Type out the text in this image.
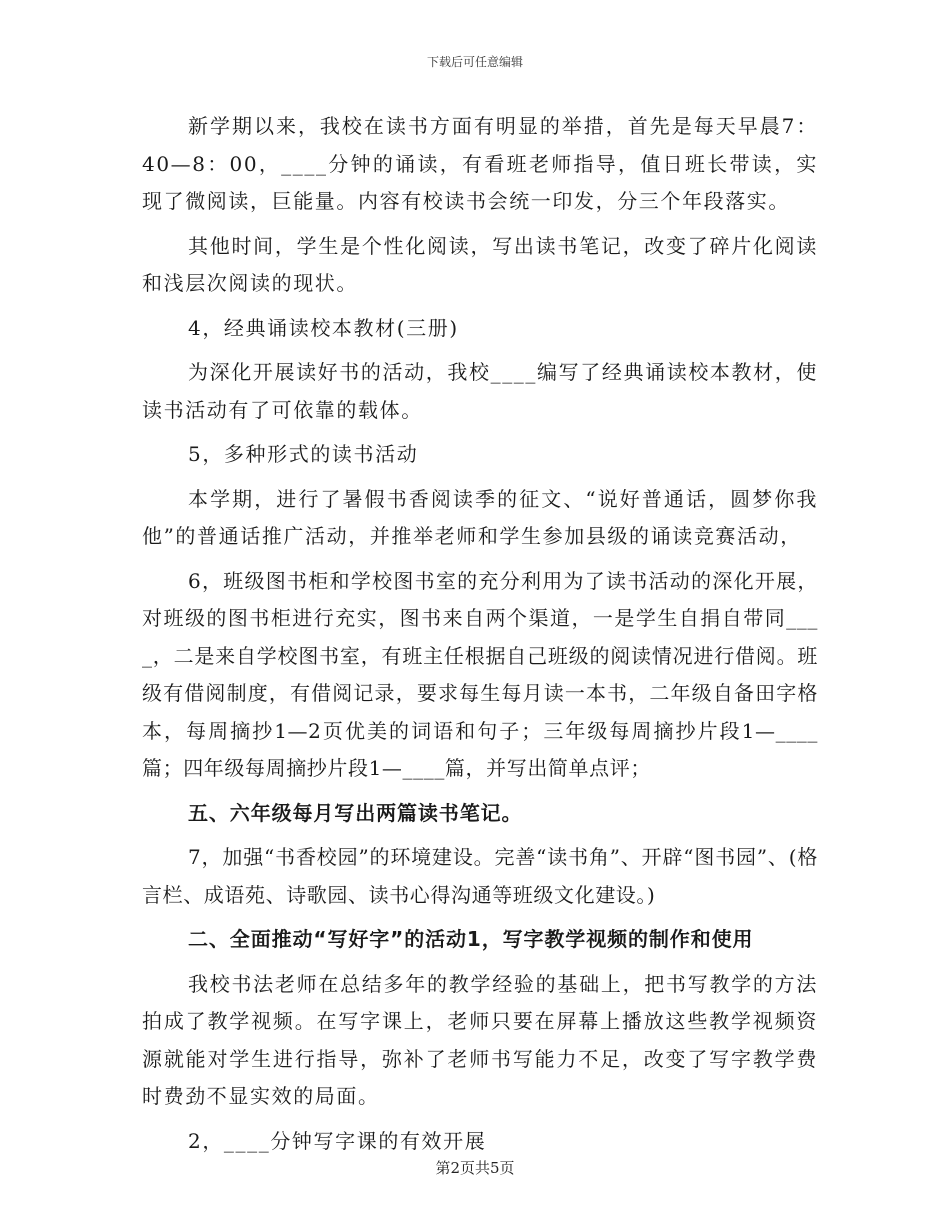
下载后可任意编辑

新学期以来，我校在读书方面有明显的举措，首先是每天早晨7：40—8：00，____分钟的诵读，有看班老师指导，值日班长带读，实现了微阅读，巨能量。内容有校读书会统一印发，分三个年段落实。

其他时间，学生是个性化阅读，写出读书笔记，改变了碎片化阅读和浅层次阅读的现状。

4，经典诵读校本教材(三册)

为深化开展读好书的活动，我校____编写了经典诵读校本教材，使读书活动有了可依靠的载体。

5，多种形式的读书活动

本学期，进行了暑假书香阅读季的征文、“说好普通话，圆梦你我他”的普通话推广活动，并推举老师和学生参加县级的诵读竞赛活动，

6，班级图书柜和学校图书室的充分利用为了读书活动的深化开展，对班级的图书柜进行充实，图书来自两个渠道，一是学生自捐自带同____，二是来自学校图书室，有班主任根据自己班级的阅读情况进行借阅。班级有借阅制度，有借阅记录，要求每生每月读一本书，二年级自备田字格本，每周摘抄1—2页优美的词语和句子；三年级每周摘抄片段1—____篇；四年级每周摘抄片段1—____篇，并写出简单点评；

五、六年级每月写出两篇读书笔记。

7，加强“书香校园”的环境建设。完善“读书角”、开辟“图书园”、(格言栏、成语苑、诗歌园、读书心得沟通等班级文化建设。)

二、全面推动“写好字”的活动1，写字教学视频的制作和使用

我校书法老师在总结多年的教学经验的基础上，把书写教学的方法拍成了教学视频。在写字课上，老师只要在屏幕上播放这些教学视频资源就能对学生进行指导，弥补了老师书写能力不足，改变了写字教学费时费劲不显实效的局面。

2，____分钟写字课的有效开展

第2页共5页
